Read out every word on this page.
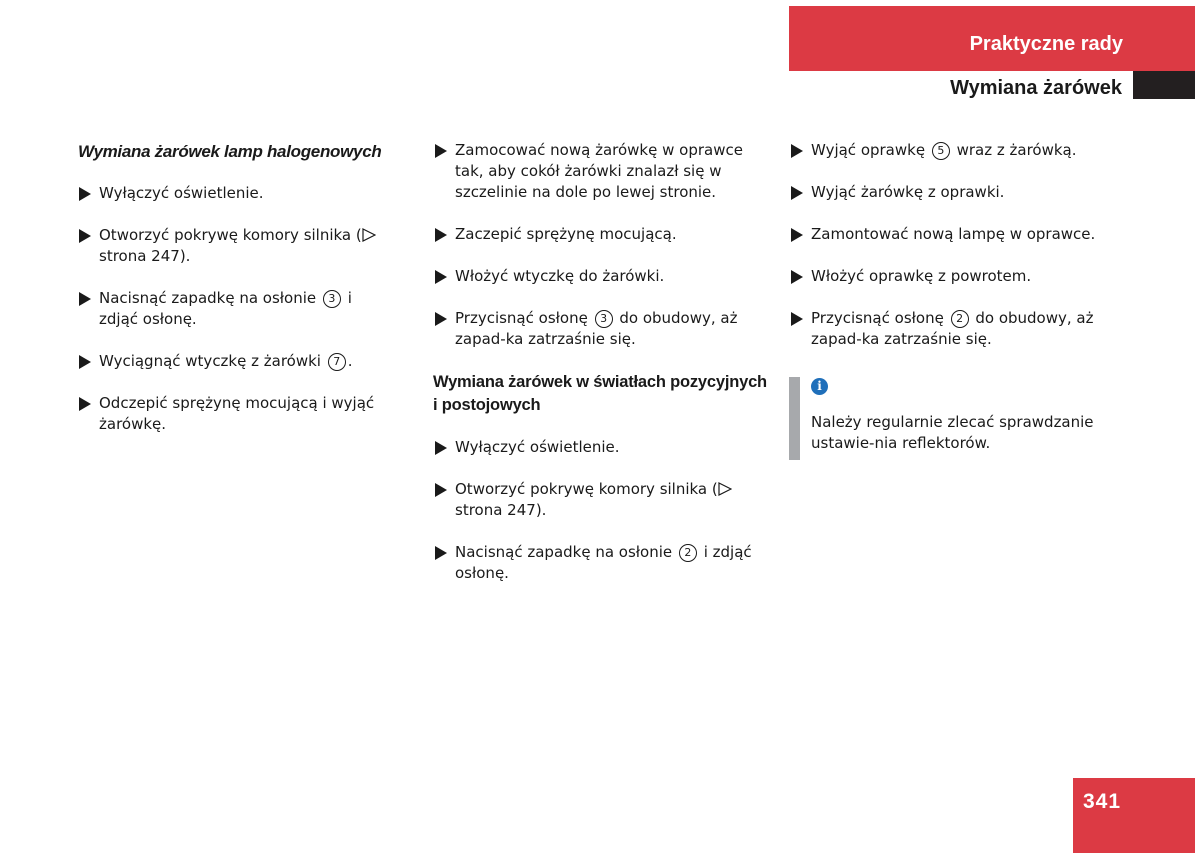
Praktyczne rady
Wymiana żarówek
Wymiana żarówek lamp halogenowych
Wyłączyć oświetlenie.
Otworzyć pokrywę komory silnika (
strona 247).
Nacisnąć zapadkę na osłonie 3 i zdjąć osłonę.
Wyciągnąć wtyczkę z żarówki 7 .
Odczepić sprężynę mocującą i wyjąć żarówkę.
Zamocować nową żarówkę w oprawce tak, aby cokół żarówki znalazł się w szczelinie na dole po lewej stronie.
Zaczepić sprężynę mocującą.
Włożyć wtyczkę do żarówki.
Przycisnąć osłonę 3 do obudowy, aż zapad-ka zatrzaśnie się.
Wymiana żarówek w światłach pozycyjnych i postojowych
Wyłączyć oświetlenie.
Otworzyć pokrywę komory silnika (
strona 247).
Nacisnąć zapadkę na osłonie 2 i zdjąć osłonę.
Wyjąć oprawkę 5 wraz z żarówką.
Wyjąć żarówkę z oprawki.
Zamontować nową lampę w oprawce.
Włożyć oprawkę z powrotem.
Przycisnąć osłonę 2 do obudowy, aż zapad-ka zatrzaśnie się.
i
Należy regularnie zlecać sprawdzanie ustawie-nia reflektorów.
341
